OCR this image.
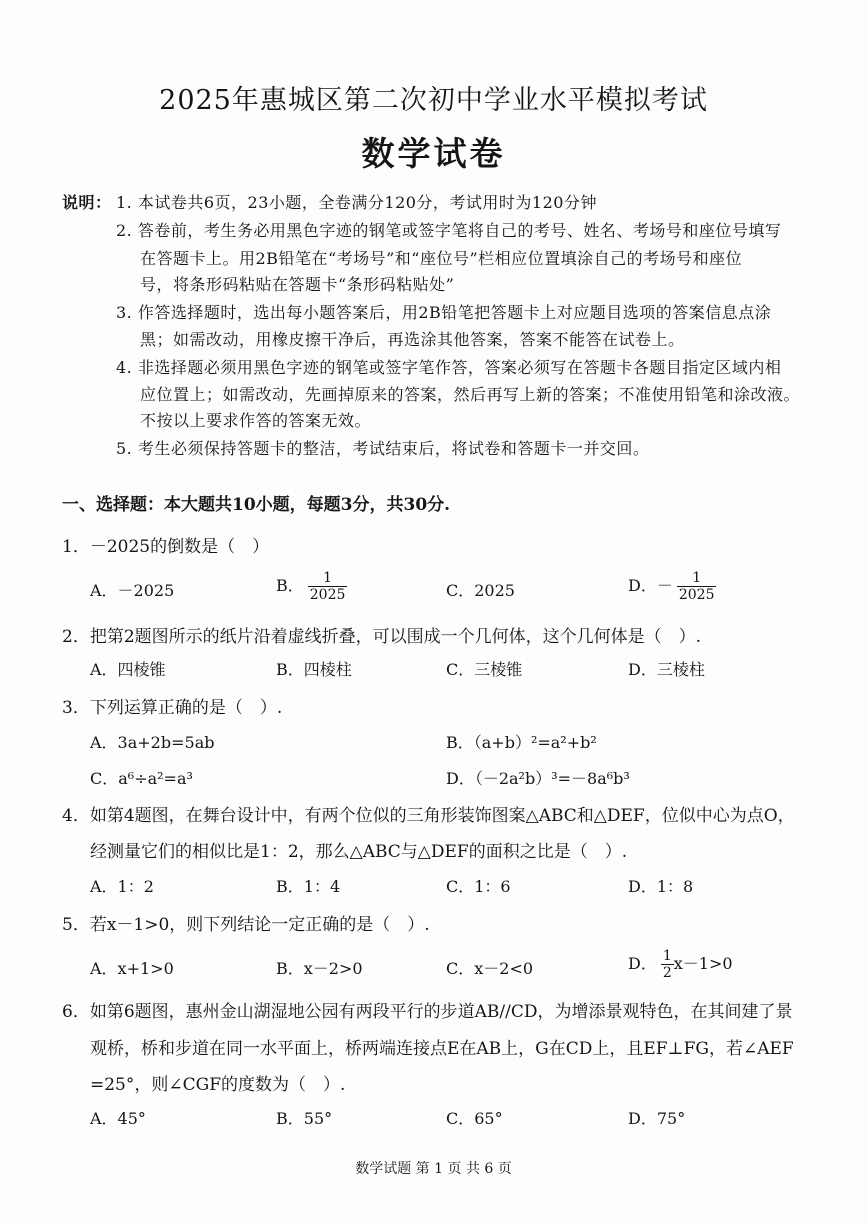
2025年惠城区第二次初中学业水平模拟考试
数学试卷
说明： 1. 本试卷共6页，23小题，全卷满分120分，考试用时为120分钟
2. 答卷前，考生务必用黑色字迹的钢笔或签字笔将自己的考号、姓名、考场号和座位号填写
在答题卡上。用2B铅笔在“考场号”和“座位号”栏相应位置填涂自己的考场号和座位
号，将条形码粘贴在答题卡“条形码粘贴处”
3. 作答选择题时，选出每小题答案后，用2B铅笔把答题卡上对应题目选项的答案信息点涂
黑；如需改动，用橡皮擦干净后，再选涂其他答案，答案不能答在试卷上。
4. 非选择题必须用黑色字迹的钢笔或签字笔作答，答案必须写在答题卡各题目指定区域内相
应位置上；如需改动，先画掉原来的答案，然后再写上新的答案；不准使用铅笔和涂改液。
不按以上要求作答的答案无效。
5. 考生必须保持答题卡的整洁，考试结束后，将试卷和答题卡一并交回。
一、选择题：本大题共10小题，每题3分，共30分.
1．－2025的倒数是（　）
A．－2025	B． $\frac{1}{2025}$	C．2025	D．－ $\frac{1}{2025}$
2．把第2题图所示的纸片沿着虚线折叠，可以围成一个几何体，这个几何体是（　）.
A．四棱锥	B．四棱柱	C．三棱锥	D．三棱柱
3．下列运算正确的是（　）.
A．3a+2b=5ab	B．（a+b）²=a²+b²
C．a⁶÷a²=a³	D．（－2a²b）³=－8a⁶b³
4．如第4题图，在舞台设计中，有两个位似的三角形装饰图案△ABC和△DEF，位似中心为点O，
经测量它们的相似比是1：2，那么△ABC与△DEF的面积之比是（　）.
A．1：2	B．1：4	C．1：6	D．1：8
5．若x－1>0，则下列结论一定正确的是（　）.
A．x+1>0	B．x－2>0	C．x－2<0	D． $\frac{1}{2} x-1>0$
6．如第6题图，惠州金山湖湿地公园有两段平行的步道AB//CD，为增添景观特色，在其间建了景
观桥，桥和步道在同一水平面上，桥两端连接点E在AB上，G在CD上，且EF⊥FG，若∠AEF
=25°，则∠CGF的度数为（　）.
A．45°	B．55°	C．65°	D．75°
数学试题 第 1 页 共 6 页
